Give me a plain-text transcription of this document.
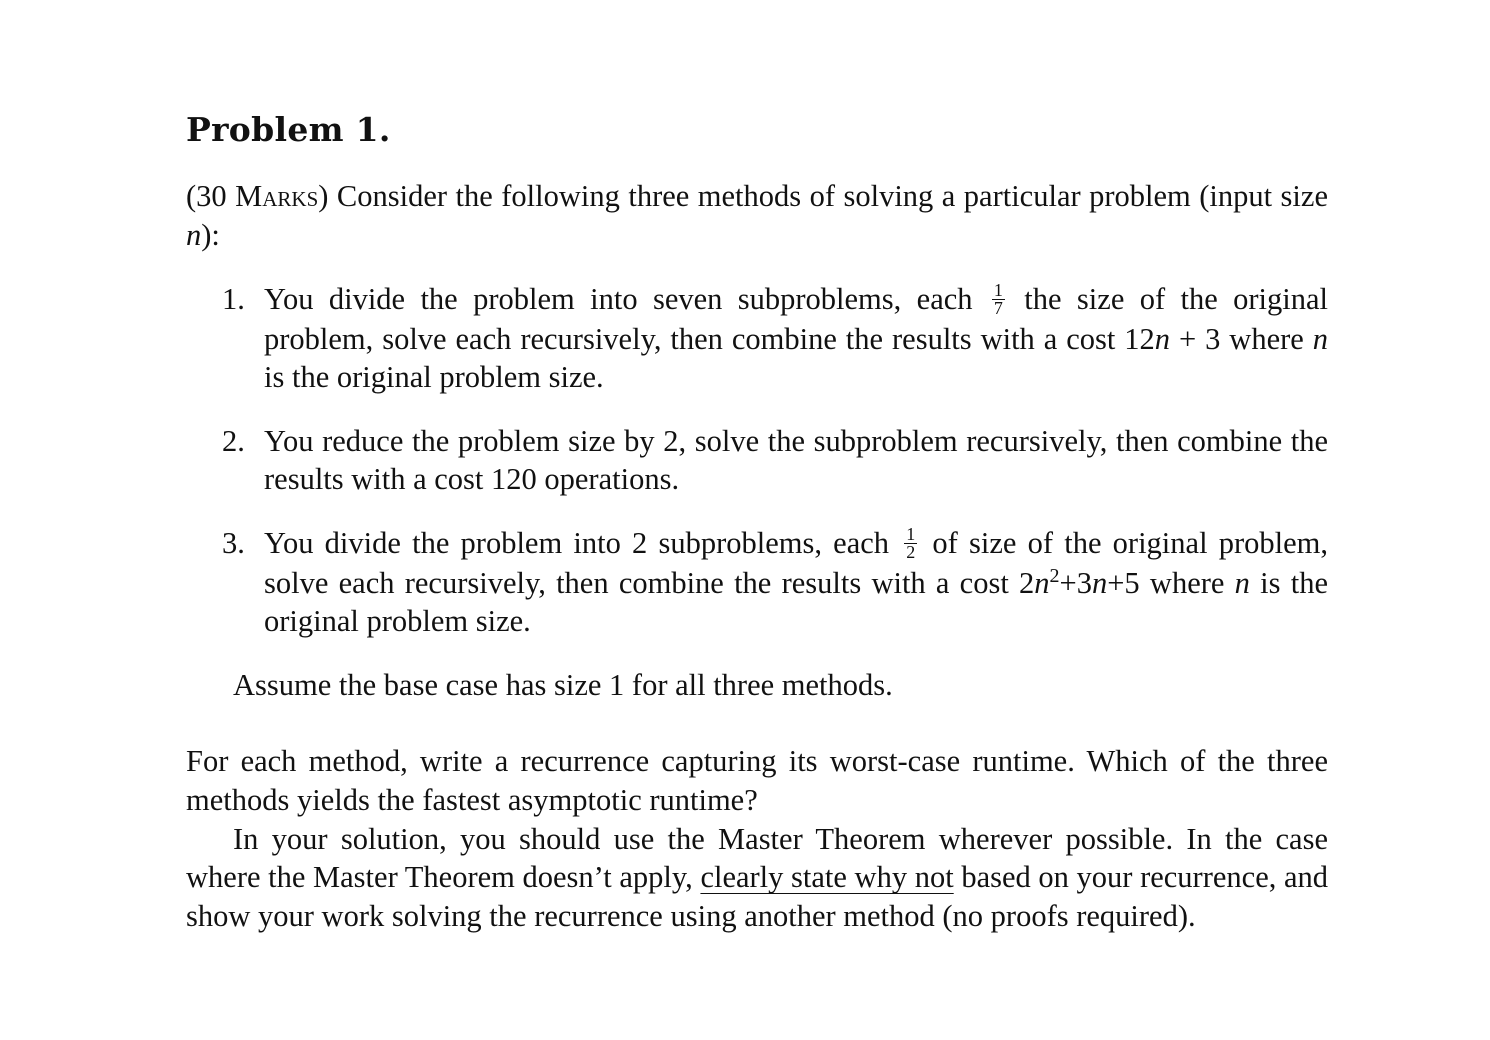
Problem 1.

(30 Marks) Consider the following three methods of solving a particular problem (input size n):

1. You divide the problem into seven subproblems, each $\frac{1}{7}$ the size of the original problem, solve each recursively, then combine the results with a cost 12n + 3 where n is the original problem size.
2. You reduce the problem size by 2, solve the subproblem recursively, then combine the results with a cost 120 operations.
3. You divide the problem into 2 subproblems, each $\frac{1}{2}$ of size of the original problem, solve each recursively, then combine the results with a cost $2n^2+3n+5$ where n is the original problem size.

Assume the base case has size 1 for all three methods.

For each method, write a recurrence capturing its worst-case runtime. Which of the three methods yields the fastest asymptotic runtime?

In your solution, you should use the Master Theorem wherever possible. In the case where the Master Theorem doesn’t apply, clearly state why not based on your recurrence, and show your work solving the recurrence using another method (no proofs required).
